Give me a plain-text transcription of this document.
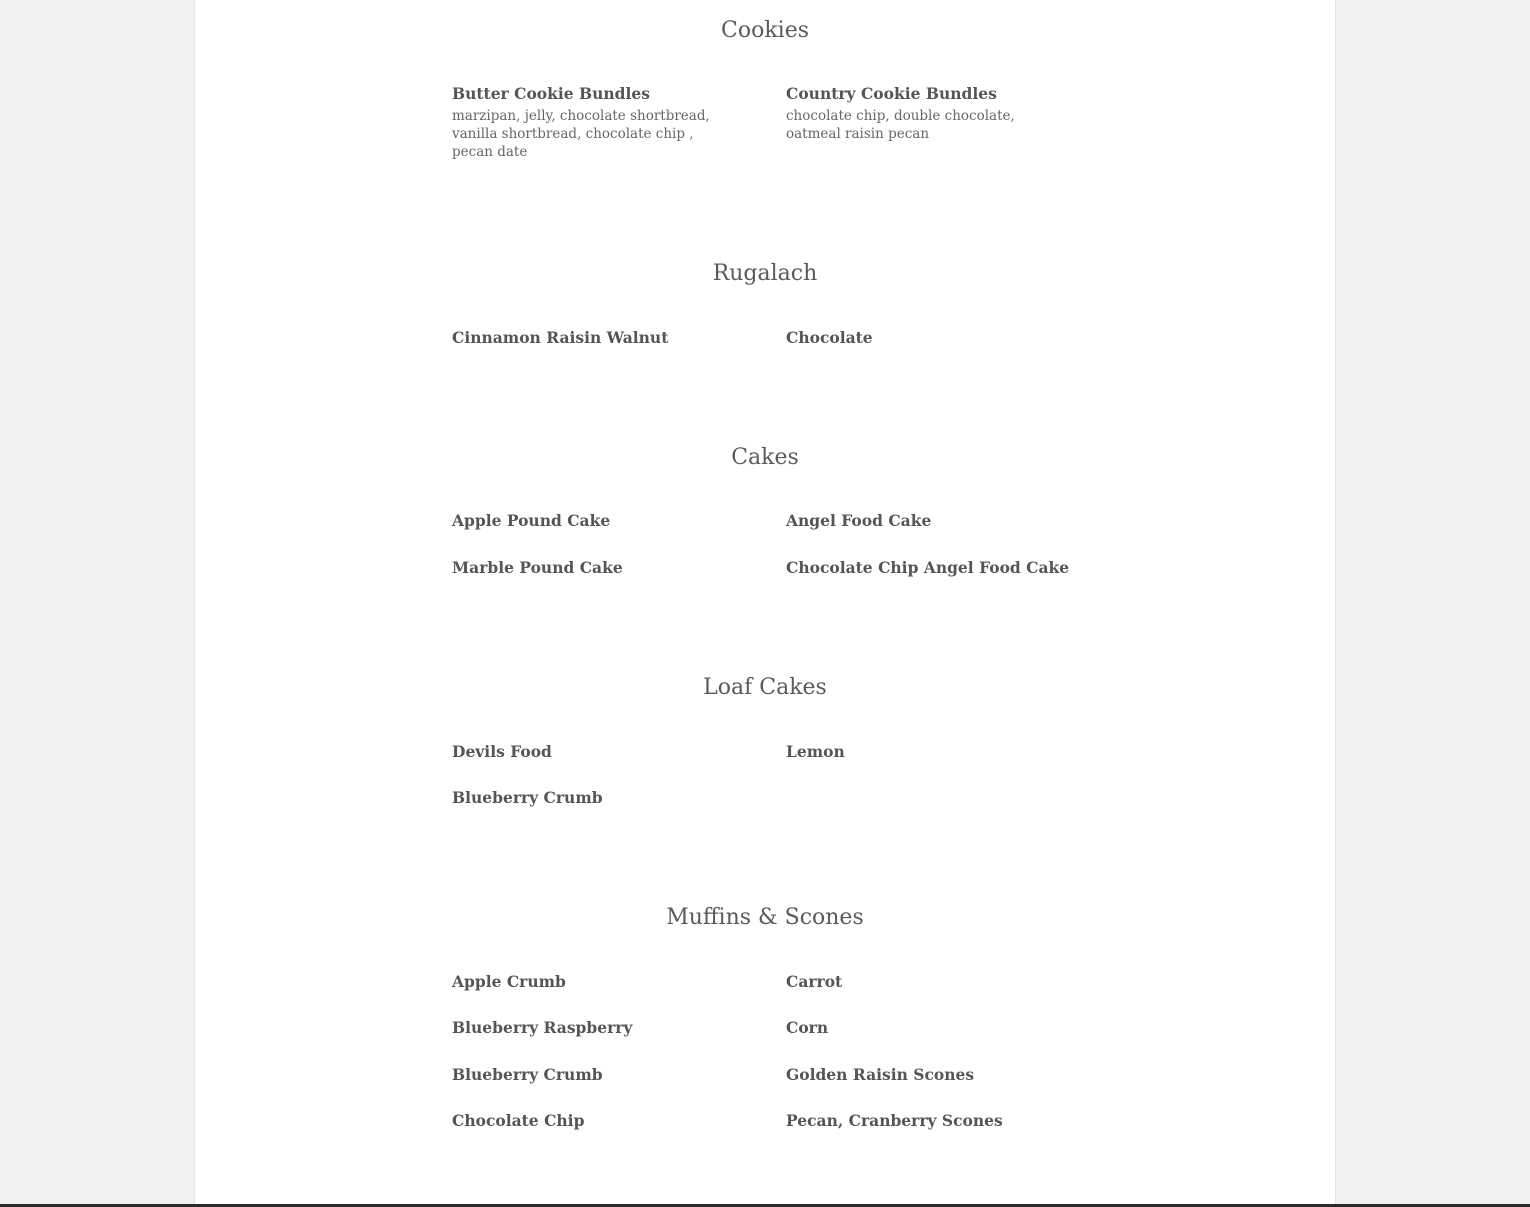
Cookies
Butter Cookie Bundles
marzipan, jelly, chocolate shortbread, vanilla shortbread, chocolate chip , pecan date
Country Cookie Bundles
chocolate chip, double chocolate, oatmeal raisin pecan
Rugalach
Cinnamon Raisin Walnut	Chocolate
Cakes
Apple Pound Cake	Angel Food Cake
Marble Pound Cake	Chocolate Chip Angel Food Cake
Loaf Cakes
Devils Food	Lemon
Blueberry Crumb
Muffins & Scones
Apple Crumb	Carrot
Blueberry Raspberry	Corn
Blueberry Crumb	Golden Raisin Scones
Chocolate Chip	Pecan, Cranberry Scones
